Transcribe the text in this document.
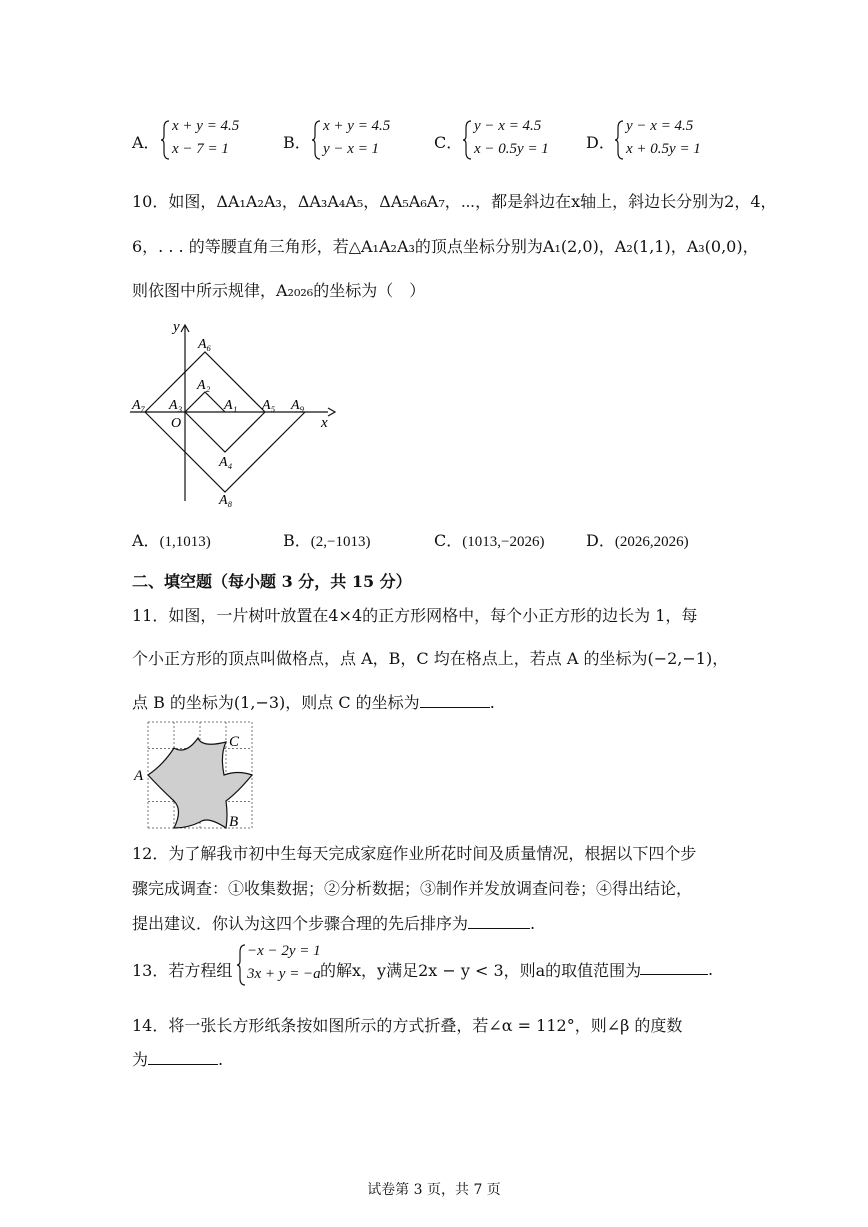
A．
x + y = 4.5
x − 7 = 1	B．
x + y = 4.5
y − x = 1	C．
y − x = 4.5
x − 0.5y = 1 D．
y − x = 4.5
x + 0.5y = 1
10．如图，ΔA₁A₂A₃，ΔA₃A₄A₅，ΔA₅A₆A₇，⋯，都是斜边在x轴上，斜边长分别为2，4，
6，. . . 的等腰直角三角形，若△A₁A₂A₃的顶点坐标分别为A₁(2,0)，A₂(1,1)，A₃(0,0)，
则依图中所示规律，A₂₀₂₆的坐标为（　）
y
x
O
A₆
A₂
A₇ A₃	A₁ A₅ A₉
A₄
A₈
A．(1,1013)	B．(2,−1013)	C．(1013,−2026)	D．(2026,2026)
二、填空题（每小题 3 分，共 15 分）
11．如图，一片树叶放置在4×4的正方形网格中，每个小正方形的边长为 1，每
个小正方形的顶点叫做格点，点 A，B，C 均在格点上，若点 A 的坐标为(−2,−1)，
点 B 的坐标为(1,−3)，则点 C 的坐标为	.
A
B
C
12．为了解我市初中生每天完成家庭作业所花时间及质量情况，根据以下四个步
骤完成调查：①收集数据；②分析数据；③制作并发放调查问卷；④得出结论，
提出建议．你认为这四个步骤合理的先后排序为	.
13．若方程组
−x − 2y = 1
3x + y = −a 的解x，y满足2x − y < 3，则a的取值范围为	.
14．将一张长方形纸条按如图所示的方式折叠，若∠α = 112°，则∠β 的度数
为	.
试卷第 3 页，共 7 页
